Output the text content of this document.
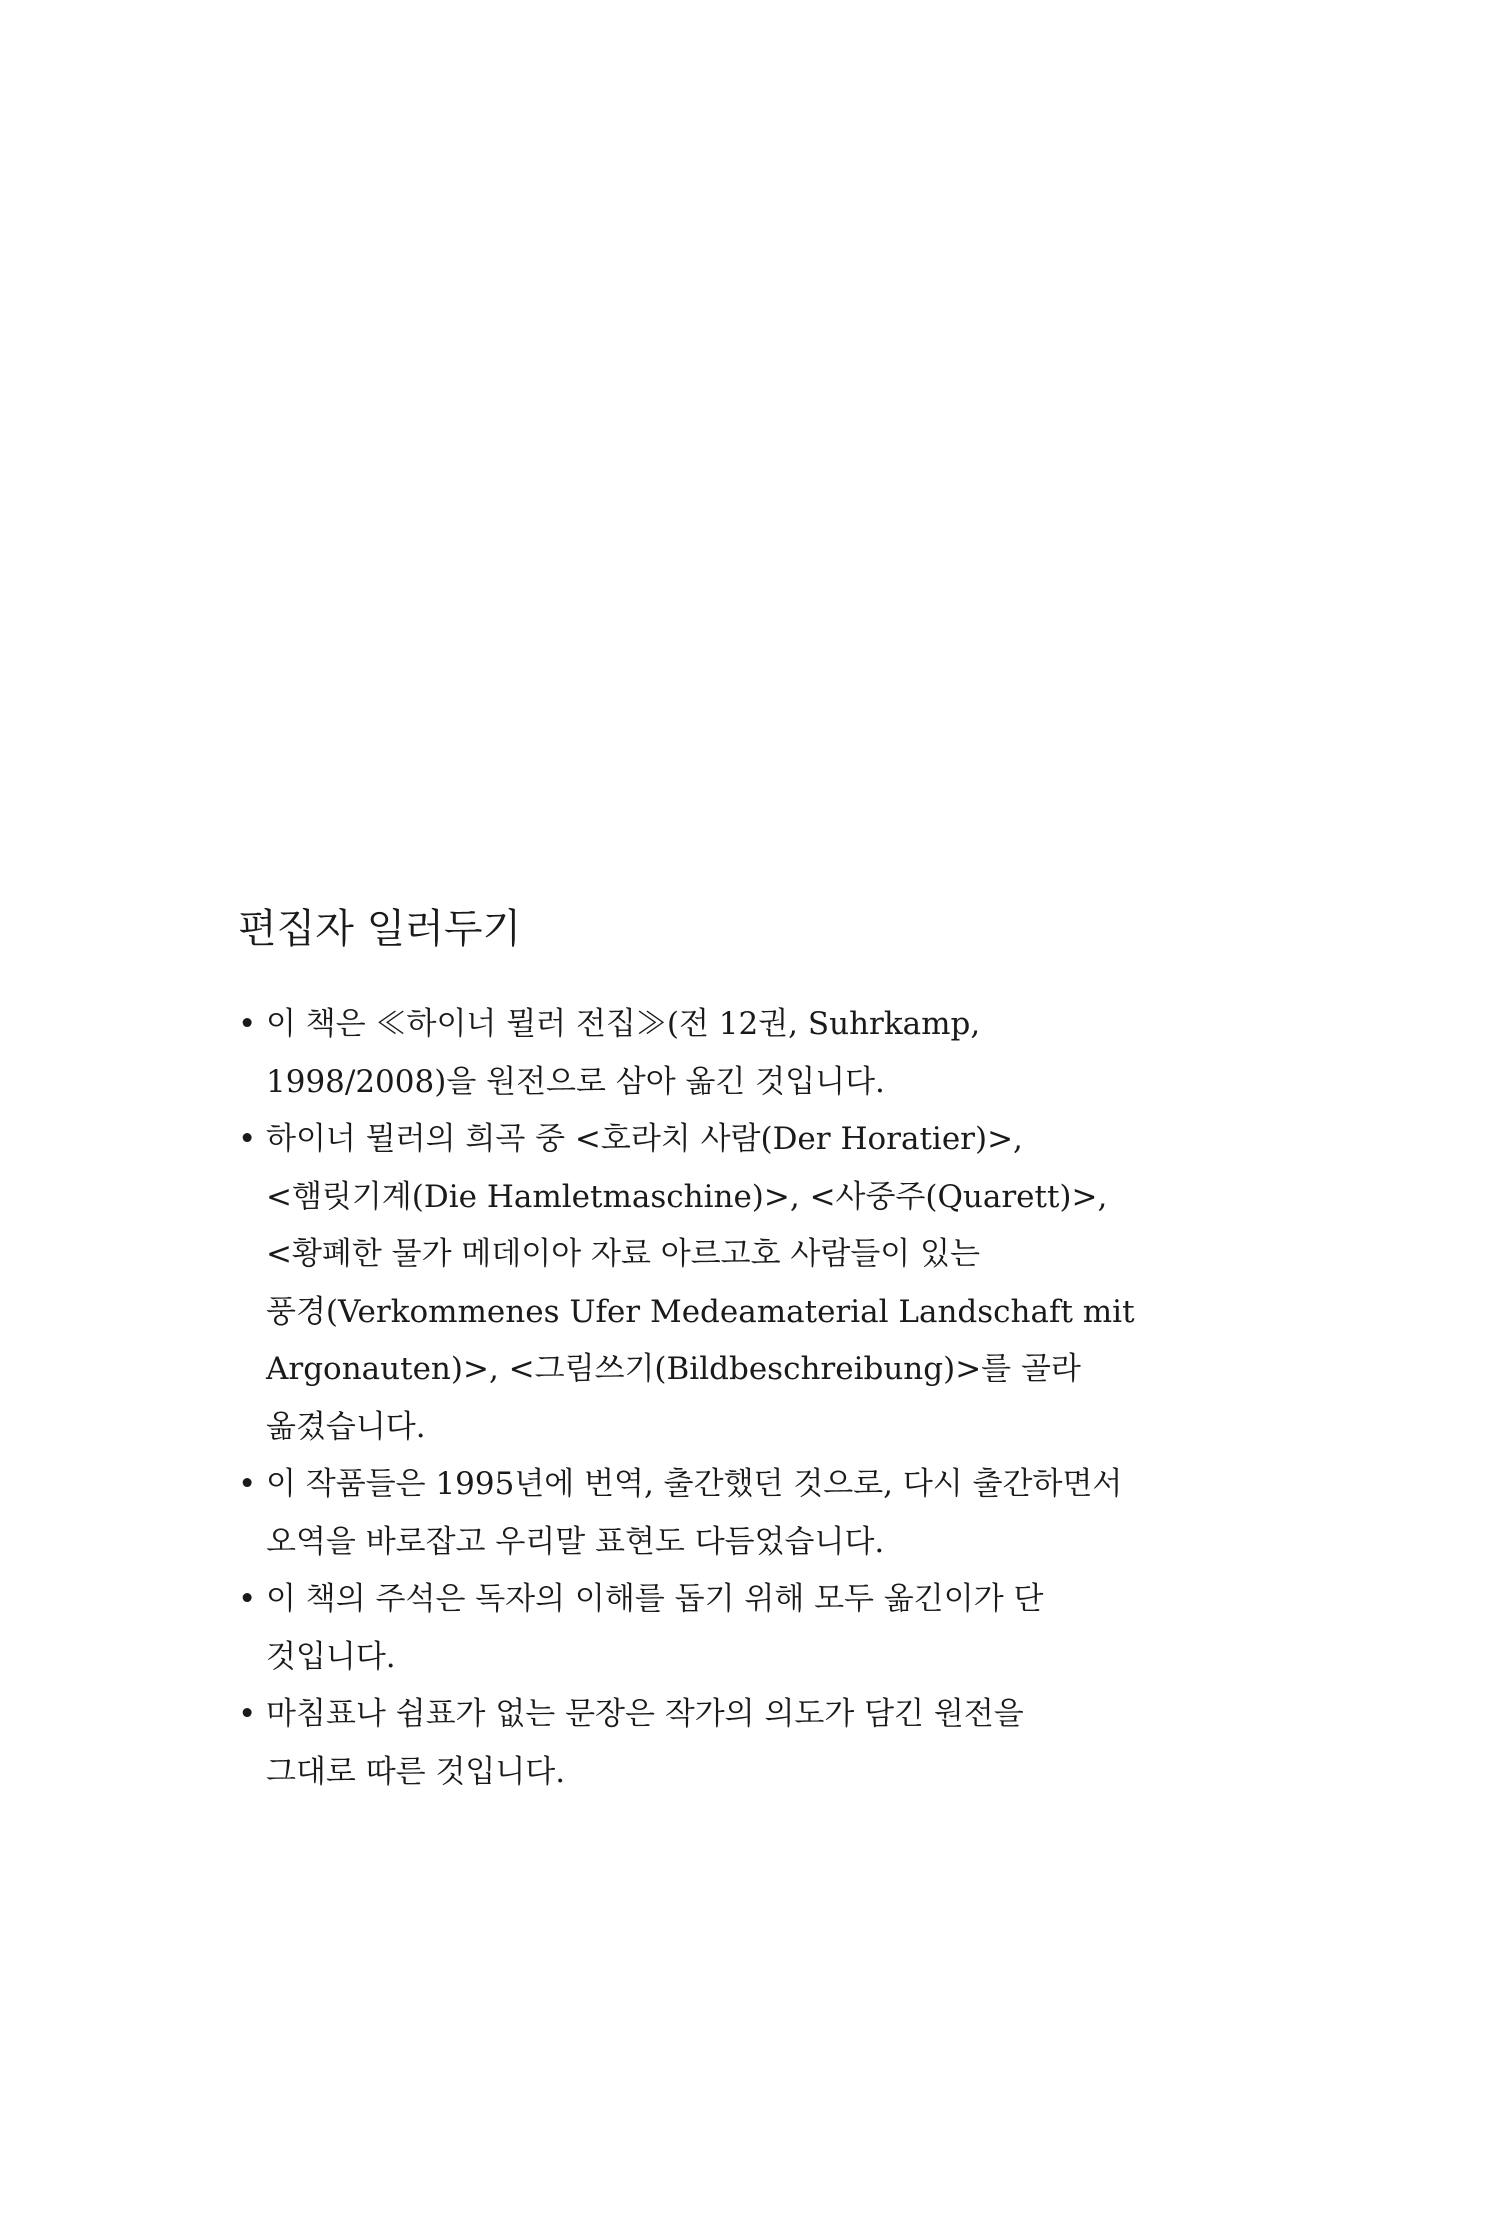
편집자 일러두기
• 이 책은 ≪하이너 뮐러 전집≫(전 12권, Suhrkamp,
1998/2008)을 원전으로 삼아 옮긴 것입니다.
• 하이너 뮐러의 희곡 중 <호라치 사람(Der Horatier)>,
<햄릿기계(Die Hamletmaschine)>, <사중주(Quarett)>,
<황폐한 물가 메데이아 자료 아르고호 사람들이 있는
풍경(Verkommenes Ufer Medeamaterial Landschaft mit
Argonauten)>, <그림쓰기(Bildbeschreibung)>를 골라
옮겼습니다.
• 이 작품들은 1995년에 번역, 출간했던 것으로, 다시 출간하면서
오역을 바로잡고 우리말 표현도 다듬었습니다.
• 이 책의 주석은 독자의 이해를 돕기 위해 모두 옮긴이가 단
것입니다.
• 마침표나 쉼표가 없는 문장은 작가의 의도가 담긴 원전을
그대로 따른 것입니다.
